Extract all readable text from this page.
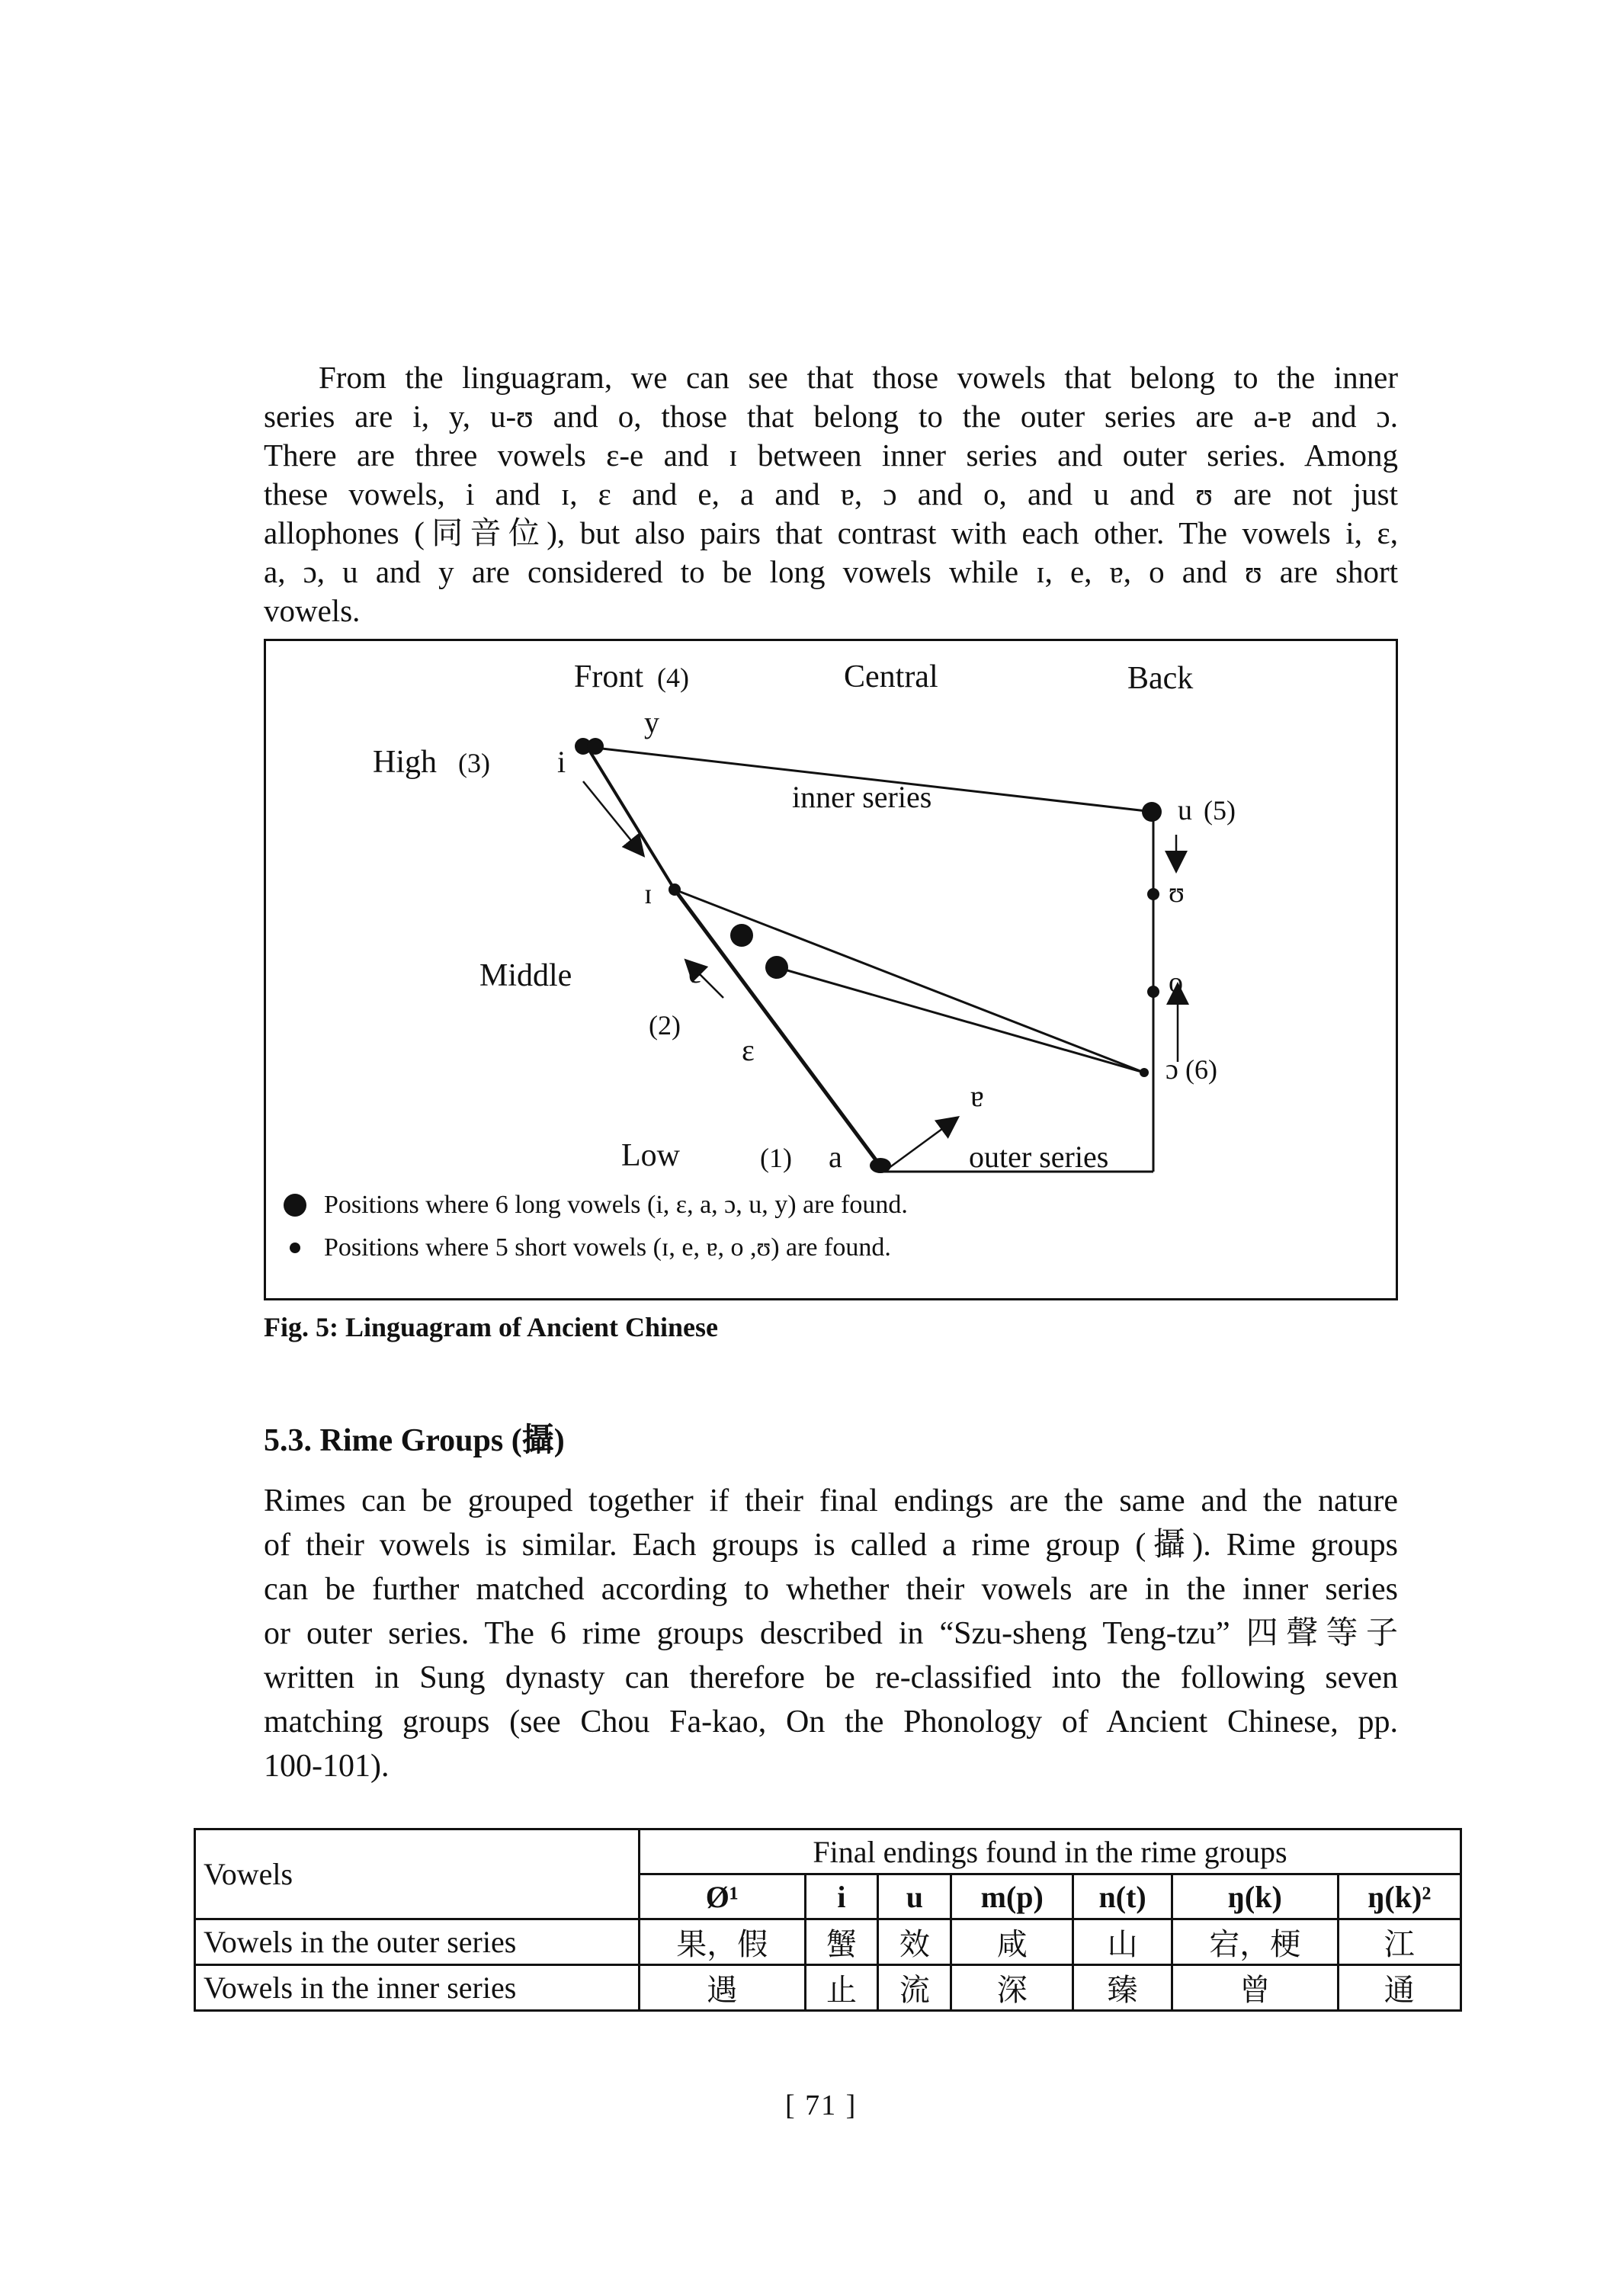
From the linguagram, we can see that those vowels that belong to the inner
series are i, y, u-ʊ and o, those that belong to the outer series are a-ɐ and ɔ.
There are three vowels ɛ-e and ɪ between inner series and outer series. Among
these vowels, i and ɪ, ɛ and e, a and ɐ, ɔ and o, and u and ʊ are not just
allophones (同音位), but also pairs that contrast with each other. The vowels i, ɛ,
a, ɔ, u and y are considered to be long vowels while ɪ, e, ɐ, o and ʊ are short
vowels.
Front (4)	Central	Back
High (3)
Middle
(2)
Low	(1)
i
y
u (5)
ʊ
ɪ
e
ɛ
o
ɔ (6)
a
ɐ
inner series
outer series
Positions where 6 long vowels (i, ɛ, a, ɔ, u, y) are found.
Positions where 5 short vowels (ɪ, e, ɐ, o ,ʊ) are found.
Fig. 5: Linguagram of Ancient Chinese
5.3. Rime Groups (攝)
Rimes can be grouped together if their final endings are the same and the nature
of their vowels is similar. Each groups is called a rime group (攝). Rime groups
can be further matched according to whether their vowels are in the inner series
or outer series. The 6 rime groups described in “Szu-sheng Teng-tzu” 四聲等子
written in Sung dynasty can therefore be re-classified into the following seven
matching groups (see Chou Fa-kao, On the Phonology of Ancient Chinese, pp.
100-101).
Vowels	Final endings found in the rime groups						
	Ø¹	i	u	m(p)	n(t)	ŋ(k)	ŋ(k)²
Vowels in the outer series	果，假	蟹	效	咸	山	宕，梗	江
Vowels in the inner series	遇	止	流	深	臻	曾	通
[ 71 ]
